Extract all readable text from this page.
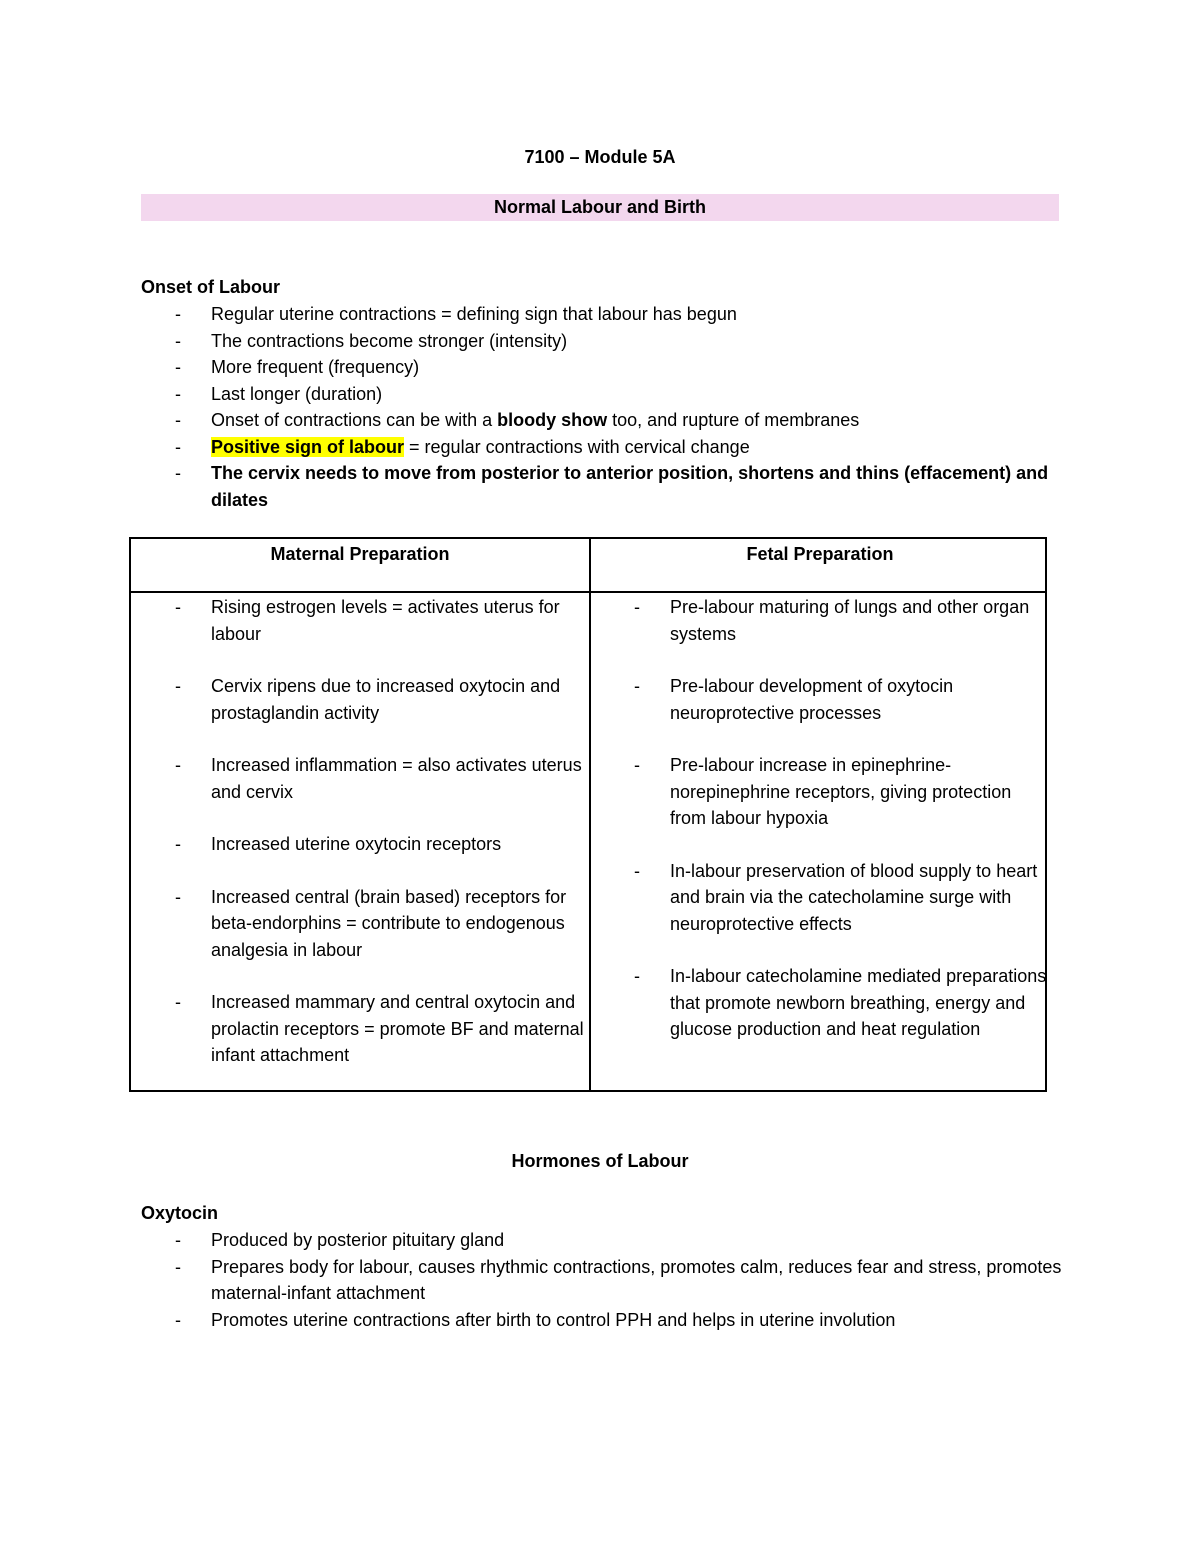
7100 – Module 5A
Normal Labour and Birth
Onset of Labour
- Regular uterine contractions = defining sign that labour has begun
- The contractions become stronger (intensity)
- More frequent (frequency)
- Last longer (duration)
- Onset of contractions can be with a bloody show too, and rupture of membranes
- Positive sign of labour = regular contractions with cervical change
- The cervix needs to move from posterior to anterior position, shortens and thins (effacement) and dilates
Maternal Preparation	Fetal Preparation
- Rising estrogen levels = activates uterus for labour
- Cervix ripens due to increased oxytocin and prostaglandin activity
- Increased inflammation = also activates uterus and cervix
- Increased uterine oxytocin receptors
- Increased central (brain based) receptors for beta-endorphins = contribute to endogenous analgesia in labour
- Increased mammary and central oxytocin and prolactin receptors = promote BF and maternal infant attachment
- Pre-labour maturing of lungs and other organ systems
- Pre-labour development of oxytocin neuroprotective processes
- Pre-labour increase in epinephrine-norepinephrine receptors, giving protection from labour hypoxia
- In-labour preservation of blood supply to heart and brain via the catecholamine surge with neuroprotective effects
- In-labour catecholamine mediated preparations that promote newborn breathing, energy and glucose production and heat regulation
Hormones of Labour
Oxytocin
- Produced by posterior pituitary gland
- Prepares body for labour, causes rhythmic contractions, promotes calm, reduces fear and stress, promotes maternal-infant attachment
- Promotes uterine contractions after birth to control PPH and helps in uterine involution
